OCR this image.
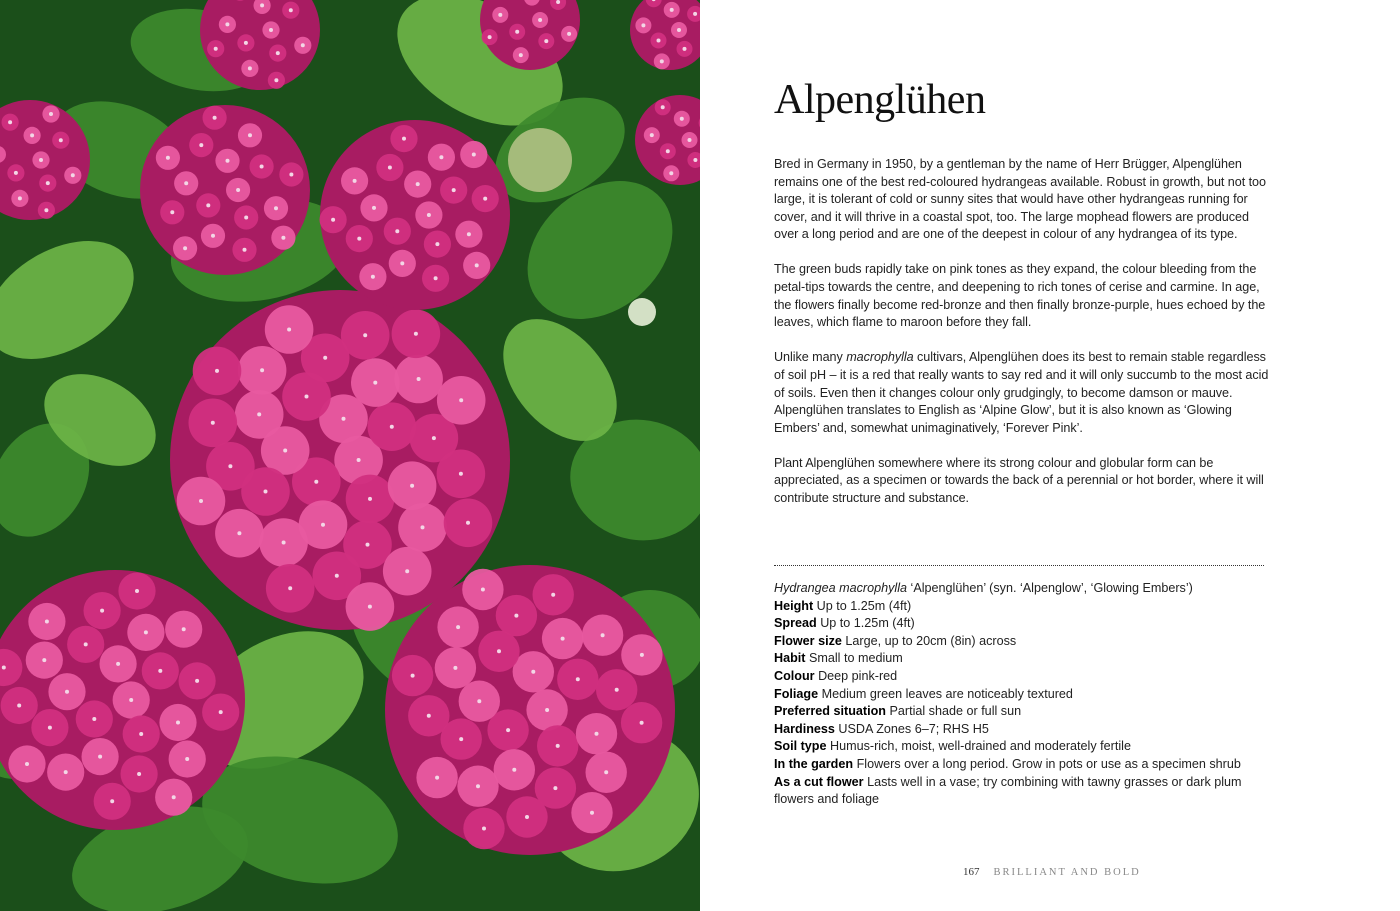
Alpenglühen

Bred in Germany in 1950, by a gentleman by the name of Herr Brügger, Alpenglühen remains one of the best red-coloured hydrangeas available. Robust in growth, but not too large, it is tolerant of cold or sunny sites that would have other hydrangeas running for cover, and it will thrive in a coastal spot, too. The large mophead flowers are produced over a long period and are one of the deepest in colour of any hydrangea of its type.

The green buds rapidly take on pink tones as they expand, the colour bleeding from the petal-tips towards the centre, and deepening to rich tones of cerise and carmine. In age, the flowers finally become red-bronze and then finally bronze-purple, hues echoed by the leaves, which flame to maroon before they fall.

Unlike many macrophylla cultivars, Alpenglühen does its best to remain stable regardless of soil pH – it is a red that really wants to say red and it will only succumb to the most acid of soils. Even then it changes colour only grudgingly, to become damson or mauve. Alpenglühen translates to English as ‘Alpine Glow’, but it is also known as ‘Glowing Embers’ and, somewhat unimaginatively, ‘Forever Pink’.

Plant Alpenglühen somewhere where its strong colour and globular form can be appreciated, as a specimen or towards the back of a perennial or hot border, where it will contribute structure and substance.

Hydrangea macrophylla ‘Alpenglühen’ (syn. ‘Alpenglow’, ‘Glowing Embers’)

Height Up to 1.25m (4ft)

Spread Up to 1.25m (4ft)

Flower size Large, up to 20cm (8in) across

Habit Small to medium

Colour Deep pink-red

Foliage Medium green leaves are noticeably textured

Preferred situation Partial shade or full sun

Hardiness USDA Zones 6–7; RHS H5

Soil type Humus-rich, moist, well-drained and moderately fertile

In the garden Flowers over a long period. Grow in pots or use as a specimen shrub

As a cut flower Lasts well in a vase; try combining with tawny grasses or dark plum flowers and foliage

167 BRILLIANT AND BOLD
